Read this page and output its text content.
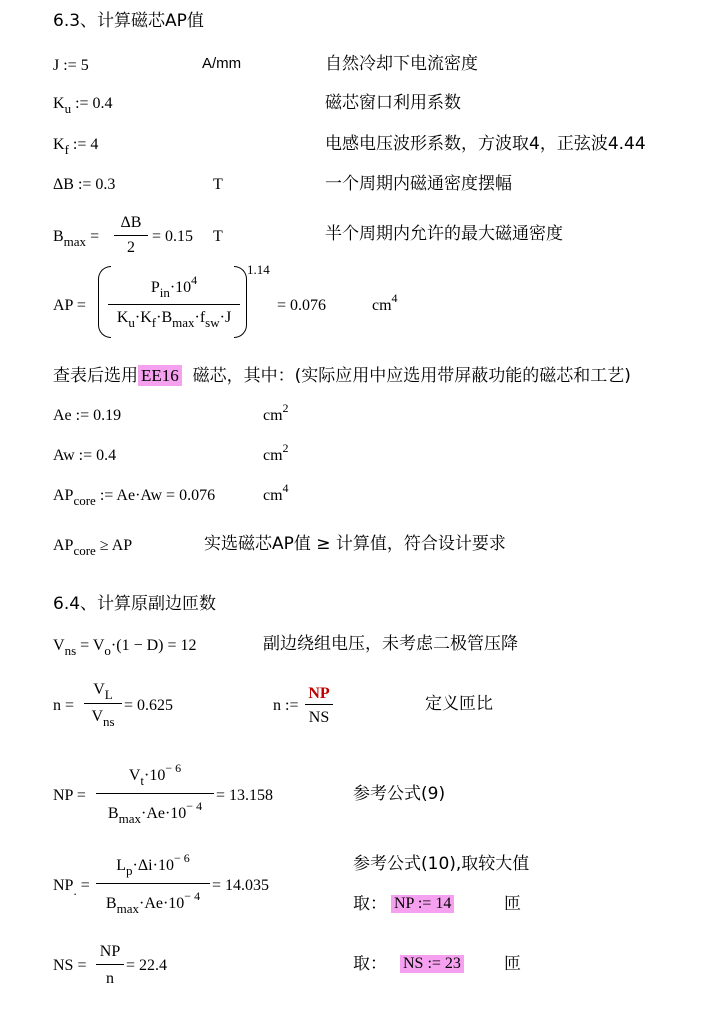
6.3、计算磁芯AP值
J := 5	A/mm	自然冷却下电流密度
$K_u$ := 0.4	磁芯窗口利用系数
$K_f$ := 4	电感电压波形系数，方波取4，正弦波4.44
ΔB := 0.3	T	一个周期内磁通密度摆幅
$B_{max}$ =
ΔB
2
= 0.15 T	半个周期内允许的最大磁通密度
AP =
$P_{in}\cdot 10^4$
$K_u\cdot K_f\cdot B_{max}\cdot f_{sw}\cdot J$
1.14
= 0.076	$cm^4$
查表后选用 EE16 磁芯，其中：(实际应用中应选用带屏蔽功能的磁芯和工艺)
Ae := 0.19	$cm^2$
Aw := 0.4	$cm^2$
$AP_{core}$ := Ae·Aw = 0.076	$cm^4$
$AP_{core}$ ≥ AP	实选磁芯AP值 ≥ 计算值，符合设计要求
6.4、计算原副边匝数
$V_{ns} = V_o\cdot(1 - D) = 12$	副边绕组电压，未考虑二极管压降
n =
$V_L$
$V_{ns}$
= 0.625	n :=
NP
NS
定义匝比
NP =
$V_t\cdot 10^{- 6}$
$B_{max}\cdot Ae\cdot 10^{- 4}$
= 13.158	参考公式(9)
$NP_.$ =
$L_p\cdot\Delta i\cdot 10^{- 6}$
$B_{max}\cdot Ae\cdot 10^{- 4}$
= 14.035
参考公式(10),取较大值
取： NP := 14	匝
NS =
NP
n
= 22.4	取： NS := 23	匝
